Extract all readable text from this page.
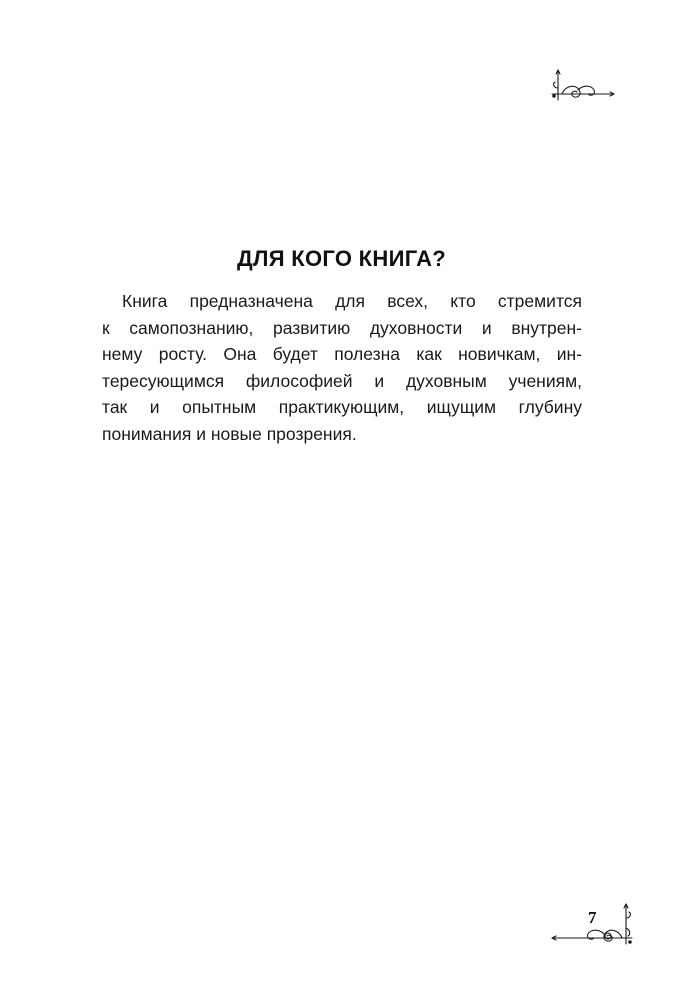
ДЛЯ КОГО КНИГА?
Книга предназначена для всех, кто стремится
к самопознанию, развитию духовности и внутрен-
нему росту. Она будет полезна как новичкам, ин-
тересующимся философией и духовным учениям,
так и опытным практикующим, ищущим глубину
понимания и новые прозрения.
7
